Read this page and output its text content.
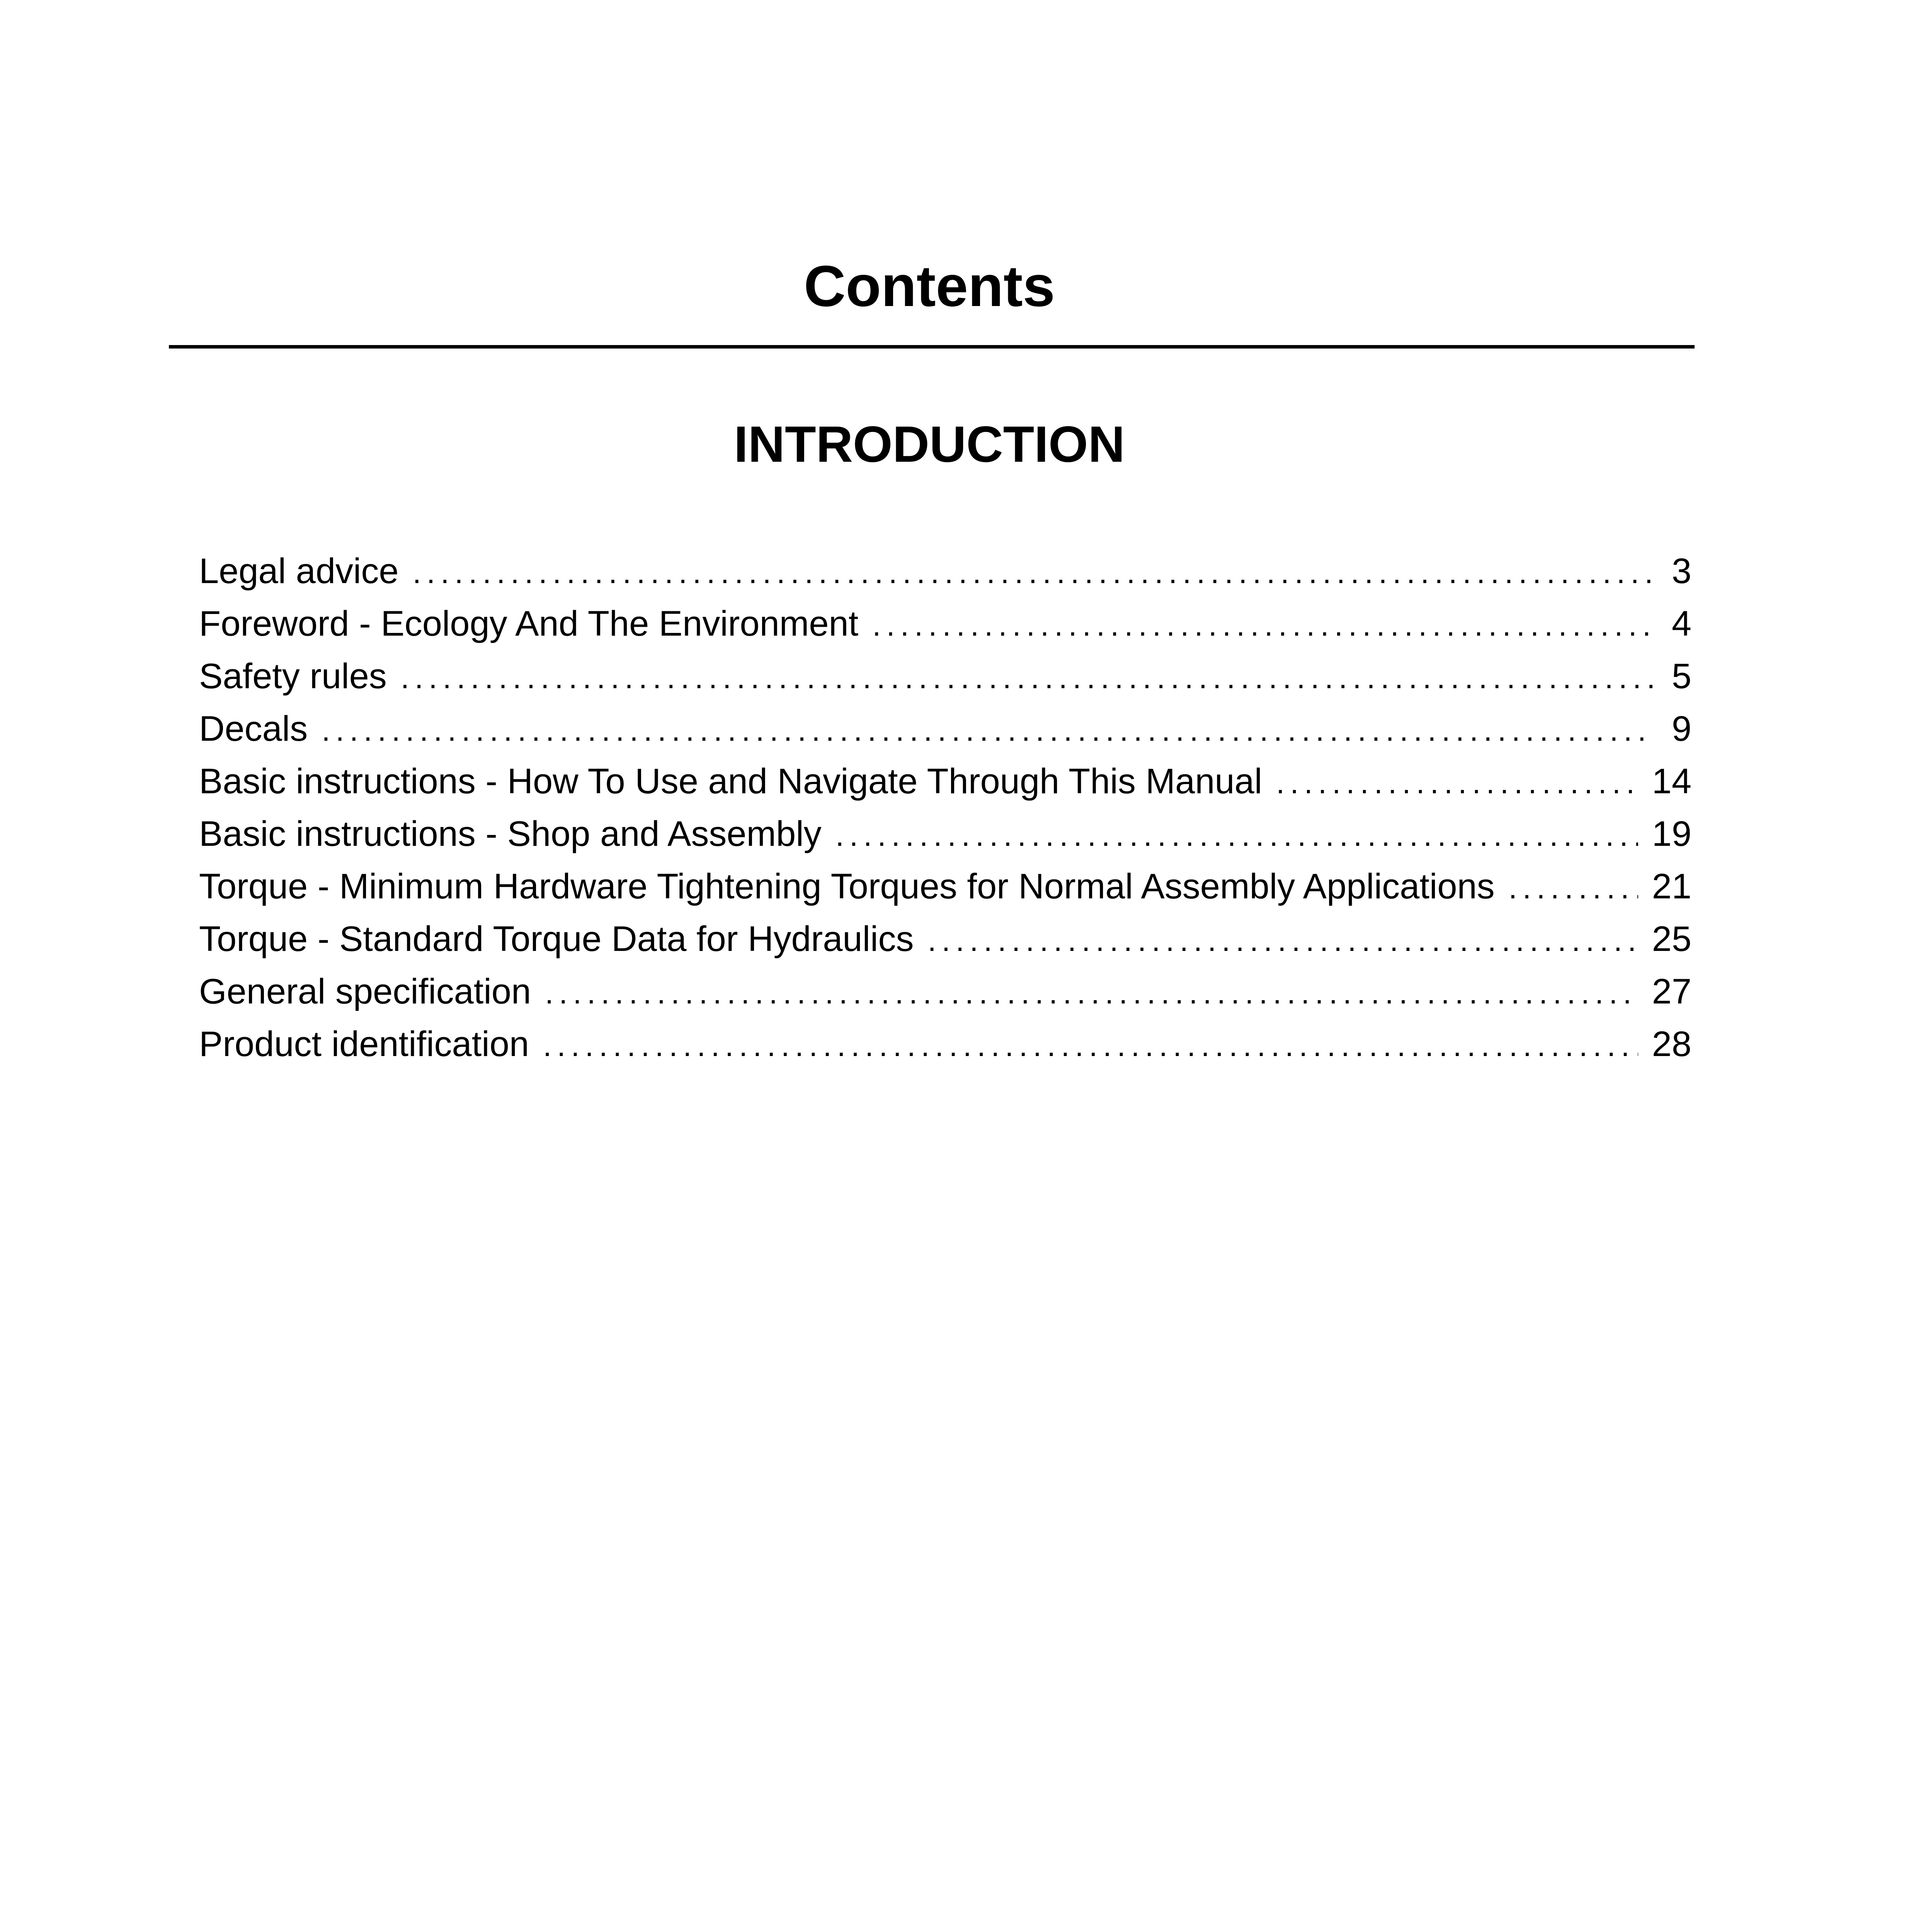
Contents
INTRODUCTION
Legal advice .....	3
Foreword - Ecology And The Environment .....	4
Safety rules .....	5
Decals .....	9
Basic instructions - How To Use and Navigate Through This Manual .....	14
Basic instructions - Shop and Assembly .....	19
Torque - Minimum Hardware Tightening Torques for Normal Assembly Applications .....	21
Torque - Standard Torque Data for Hydraulics .....	25
General specification .....	27
Product identification .....	28
